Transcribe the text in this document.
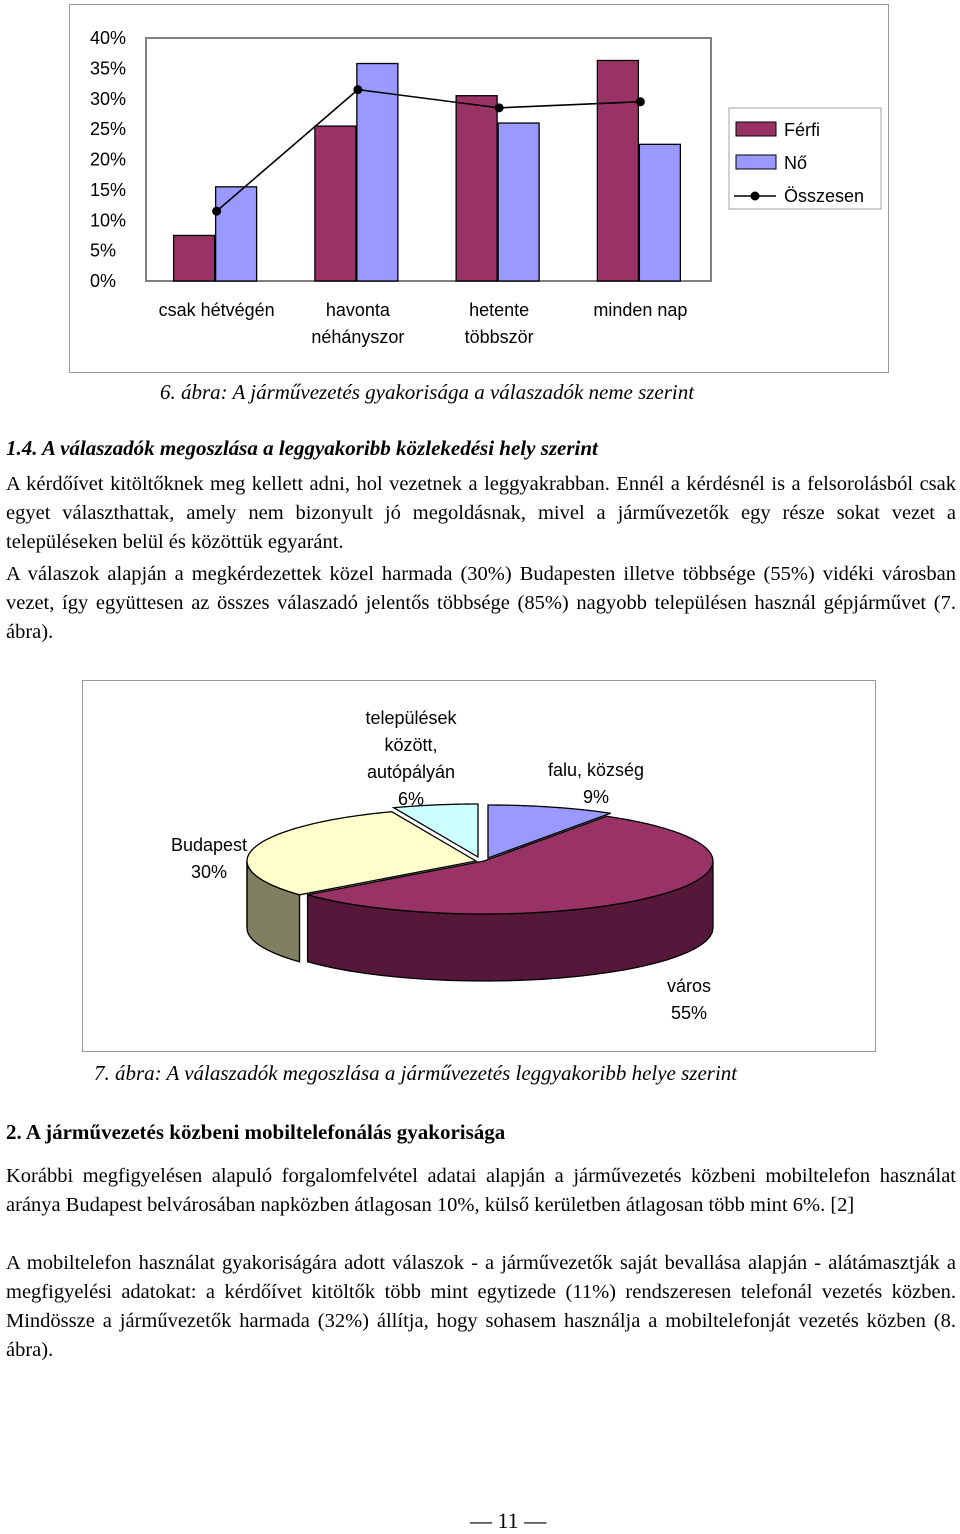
0%
5%
10%
15%
20%
25%
30%
35%
40%
csak hétvégén	havonta
néhányszor
hetente
többször
minden nap
Férfi
Nő
Összesen
6. ábra: A járművezetés gyakorisága a válaszadók neme szerint
1.4. A válaszadók megoszlása a leggyakoribb közlekedési hely szerint
A kérdőívet kitöltőknek meg kellett adni, hol vezetnek a leggyakrabban. Ennél a kérdésnél is a felsorolásból csak egyet választhattak, amely nem bizonyult jó megoldásnak, mivel a járművezetők egy része sokat vezet a településeken belül és közöttük egyaránt.
A válaszok alapján a megkérdezettek közel harmada (30%) Budapesten illetve többsége (55%) vidéki városban vezet, így együttesen az összes válaszadó jelentős többsége (85%) nagyobb településen használ gépjárművet (7. ábra).
falu, község
9%
város
55%
Budapest
30%
települések
között,
autópályán
6%
7. ábra: A válaszadók megoszlása a járművezetés leggyakoribb helye szerint
2. A járművezetés közbeni mobiltelefonálás gyakorisága
Korábbi megfigyelésen alapuló forgalomfelvétel adatai alapján a járművezetés közbeni mobiltelefon használat aránya Budapest belvárosában napközben átlagosan 10%, külső kerületben átlagosan több mint 6%. [2]
A mobiltelefon használat gyakoriságára adott válaszok - a járművezetők saját bevallása alapján - alátámasztják a megfigyelési adatokat: a kérdőívet kitöltők több mint egytizede (11%) rendszeresen telefonál vezetés közben. Mindössze a járművezetők harmada (32%) állítja, hogy sohasem használja a mobiltelefonját vezetés közben (8. ábra).
— 11 —
